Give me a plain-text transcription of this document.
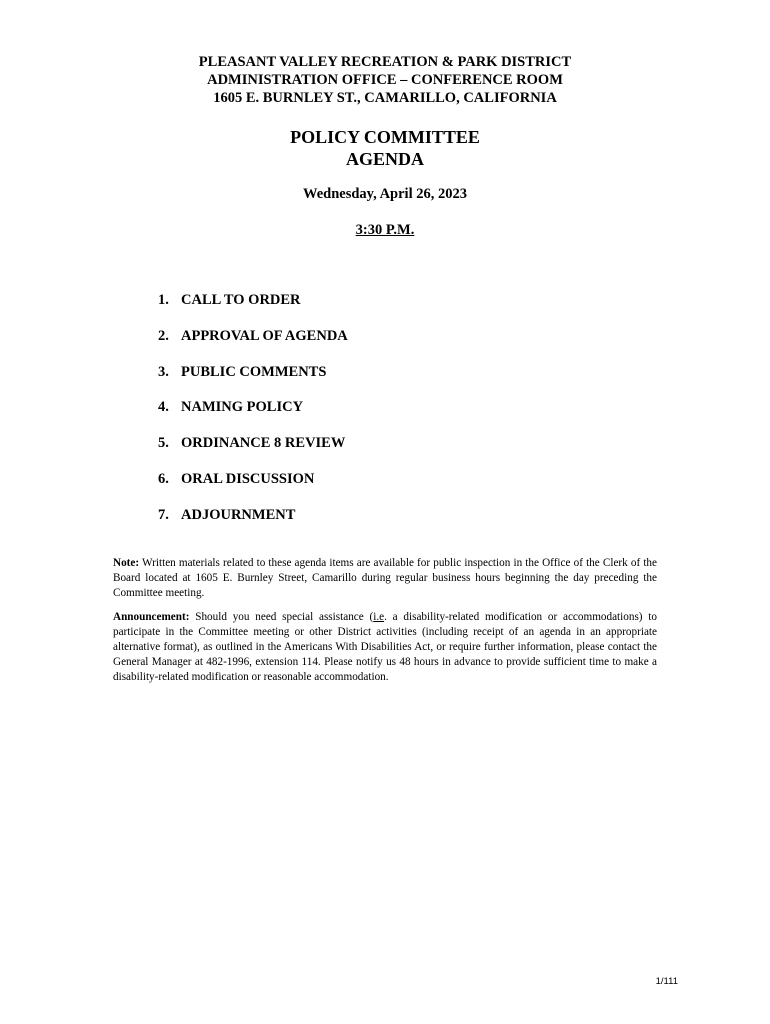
PLEASANT VALLEY RECREATION & PARK DISTRICT
ADMINISTRATION OFFICE – CONFERENCE ROOM
1605 E. BURNLEY ST., CAMARILLO, CALIFORNIA
POLICY COMMITTEE
AGENDA
Wednesday, April 26, 2023
3:30 P.M.
1. CALL TO ORDER
2. APPROVAL OF AGENDA
3. PUBLIC COMMENTS
4. NAMING POLICY
5. ORDINANCE 8 REVIEW
6. ORAL DISCUSSION
7. ADJOURNMENT

Note: Written materials related to these agenda items are available for public inspection in the Office of the Clerk of the Board located at 1605 E. Burnley Street, Camarillo during regular business hours beginning the day preceding the Committee meeting.

Announcement: Should you need special assistance (i.e. a disability-related modification or accommodations) to participate in the Committee meeting or other District activities (including receipt of an agenda in an appropriate alternative format), as outlined in the Americans With Disabilities Act, or require further information, please contact the General Manager at 482-1996, extension 114. Please notify us 48 hours in advance to provide sufficient time to make a disability-related modification or reasonable accommodation.

1/111
